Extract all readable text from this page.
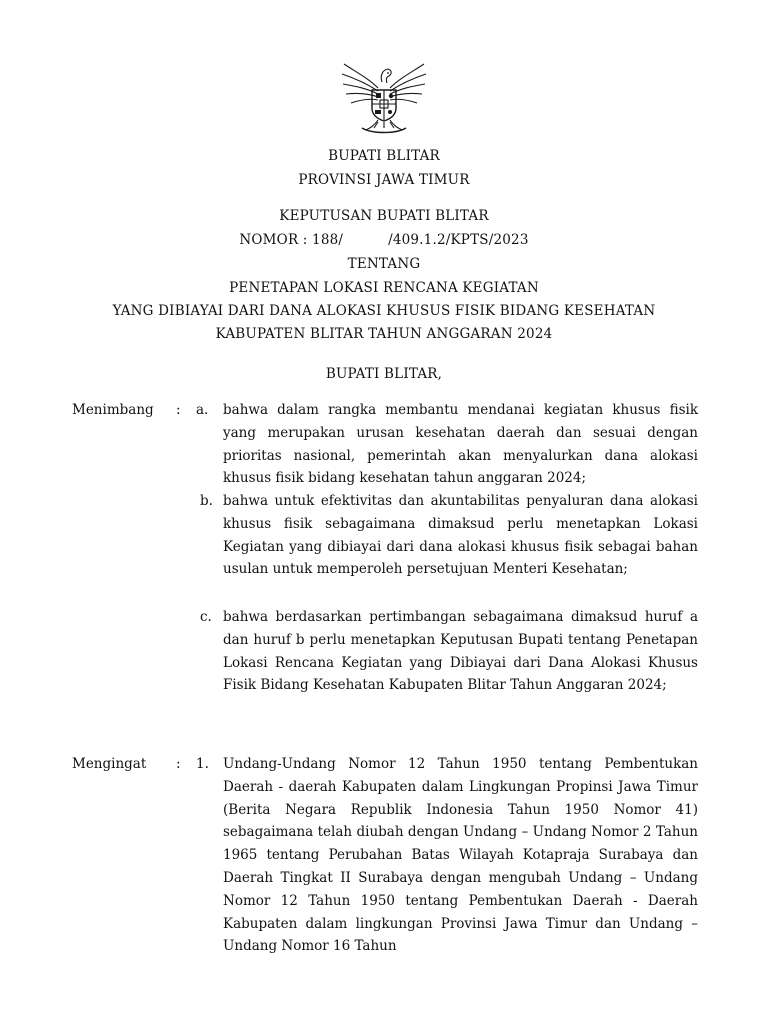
BUPATI BLITAR
PROVINSI JAWA TIMUR
KEPUTUSAN BUPATI BLITAR
NOMOR : 188/          /409.1.2/KPTS/2023
TENTANG
PENETAPAN LOKASI RENCANA KEGIATAN
YANG DIBIAYAI DARI DANA ALOKASI KHUSUS FISIK BIDANG KESEHATAN
KABUPATEN BLITAR TAHUN ANGGARAN 2024
BUPATI BLITAR,
Menimbang : a. bahwa dalam rangka membantu mendanai kegiatan khusus fisik yang merupakan urusan kesehatan daerah dan sesuai dengan prioritas nasional, pemerintah akan menyalurkan dana alokasi khusus fisik bidang kesehatan tahun anggaran 2024;
b. bahwa untuk efektivitas dan akuntabilitas penyaluran dana alokasi khusus fisik sebagaimana dimaksud perlu menetapkan Lokasi Kegiatan yang dibiayai dari dana alokasi khusus fisik sebagai bahan usulan untuk memperoleh persetujuan Menteri Kesehatan;
c. bahwa berdasarkan pertimbangan sebagaimana dimaksud huruf a dan huruf b perlu menetapkan Keputusan Bupati tentang Penetapan Lokasi Rencana Kegiatan yang Dibiayai dari Dana Alokasi Khusus Fisik Bidang Kesehatan Kabupaten Blitar Tahun Anggaran 2024;
Mengingat : 1. Undang-Undang Nomor 12 Tahun 1950 tentang Pembentukan Daerah - daerah Kabupaten dalam Lingkungan Propinsi Jawa Timur (Berita Negara Republik Indonesia Tahun 1950 Nomor 41) sebagaimana telah diubah dengan Undang – Undang Nomor 2 Tahun 1965 tentang Perubahan Batas Wilayah Kotapraja Surabaya dan Daerah Tingkat II Surabaya dengan mengubah Undang – Undang Nomor 12 Tahun 1950 tentang Pembentukan Daerah - Daerah Kabupaten dalam lingkungan Provinsi Jawa Timur dan Undang – Undang Nomor 16 Tahun
